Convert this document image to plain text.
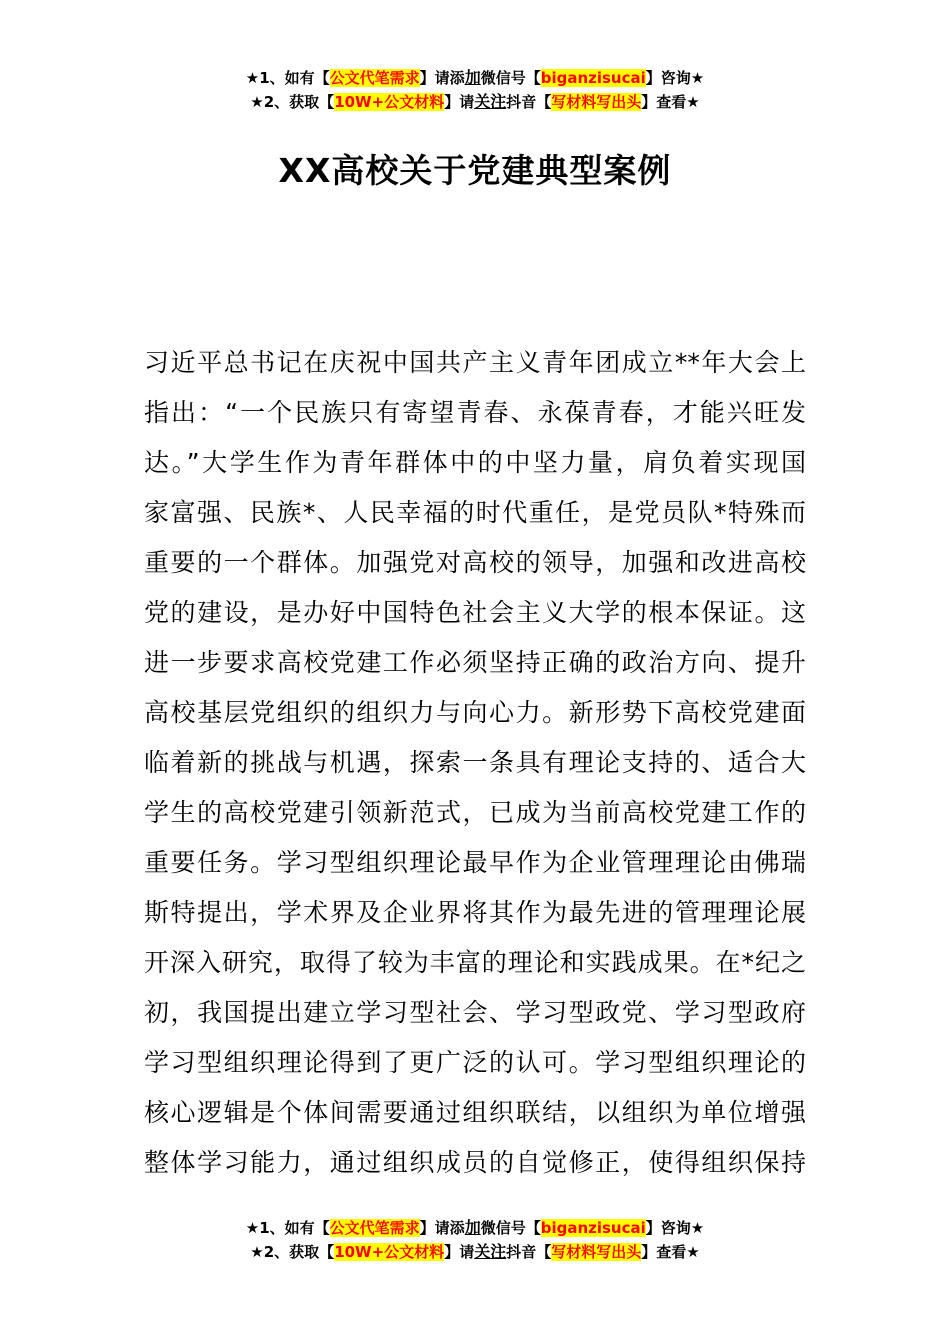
★1、如有【公文代笔需求】请添加微信号【biganzisucai】咨询★
★2、获取【10W+公文材料】请关注抖音【写材料写出头】查看★
XX高校关于党建典型案例
习近平总书记在庆祝中国共产主义青年团成立**年大会上
指出：“一个民族只有寄望青春、永葆青春，才能兴旺发
达。”大学生作为青年群体中的中坚力量，肩负着实现国
家富强、民族*、人民幸福的时代重任，是党员队*特殊而
重要的一个群体。加强党对高校的领导，加强和改进高校
党的建设，是办好中国特色社会主义大学的根本保证。这
进一步要求高校党建工作必须坚持正确的政治方向、提升
高校基层党组织的组织力与向心力。新形势下高校党建面
临着新的挑战与机遇，探索一条具有理论支持的、适合大
学生的高校党建引领新范式，已成为当前高校党建工作的
重要任务。学习型组织理论最早作为企业管理理论由佛瑞
斯特提出，学术界及企业界将其作为最先进的管理理论展
开深入研究，取得了较为丰富的理论和实践成果。在*纪之
初，我国提出建立学习型社会、学习型政党、学习型政府
学习型组织理论得到了更广泛的认可。学习型组织理论的
核心逻辑是个体间需要通过组织联结，以组织为单位增强
整体学习能力，通过组织成员的自觉修正，使得组织保持
★1、如有【公文代笔需求】请添加微信号【biganzisucai】咨询★
★2、获取【10W+公文材料】请关注抖音【写材料写出头】查看★
